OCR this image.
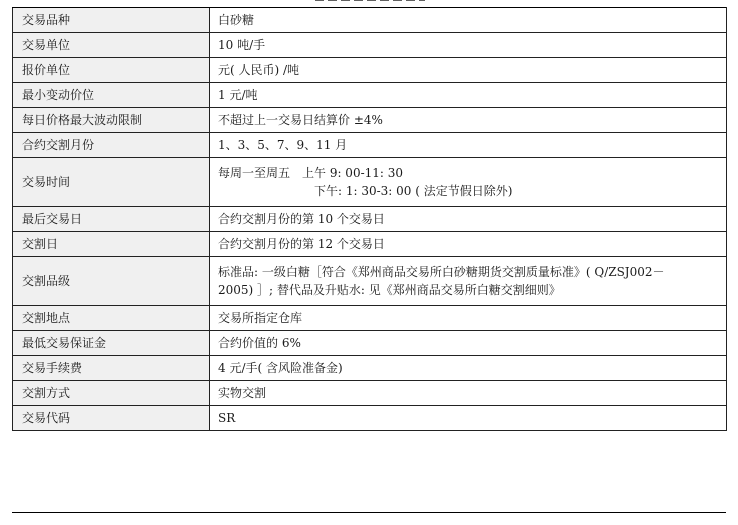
交易品种	白砂糖
交易单位	10 吨/手
报价单位	元( 人民币) /吨
最小变动价位	1 元/吨
每日价格最大波动限制	不超过上一交易日结算价 ±4%
合约交割月份	1、3、5、7、9、11 月
交易时间	每周一至周五　上午 9: 00-11: 30
下午: 1: 30-3: 00 ( 法定节假日除外)

最后交易日	合约交割月份的第 10 个交易日
交割日	合约交割月份的第 12 个交易日
交割品级	标准品: 一级白糖［符合《郑州商品交易所白砂糖期货交割质量标准》( Q/ZSJ002－
2005) ］; 替代品及升贴水: 见《郑州商品交易所白糖交割细则》

交割地点	交易所指定仓库
最低交易保证金	合约价值的 6%
交易手续费	4 元/手( 含风险准备金)
交割方式	实物交割
交易代码	SR
